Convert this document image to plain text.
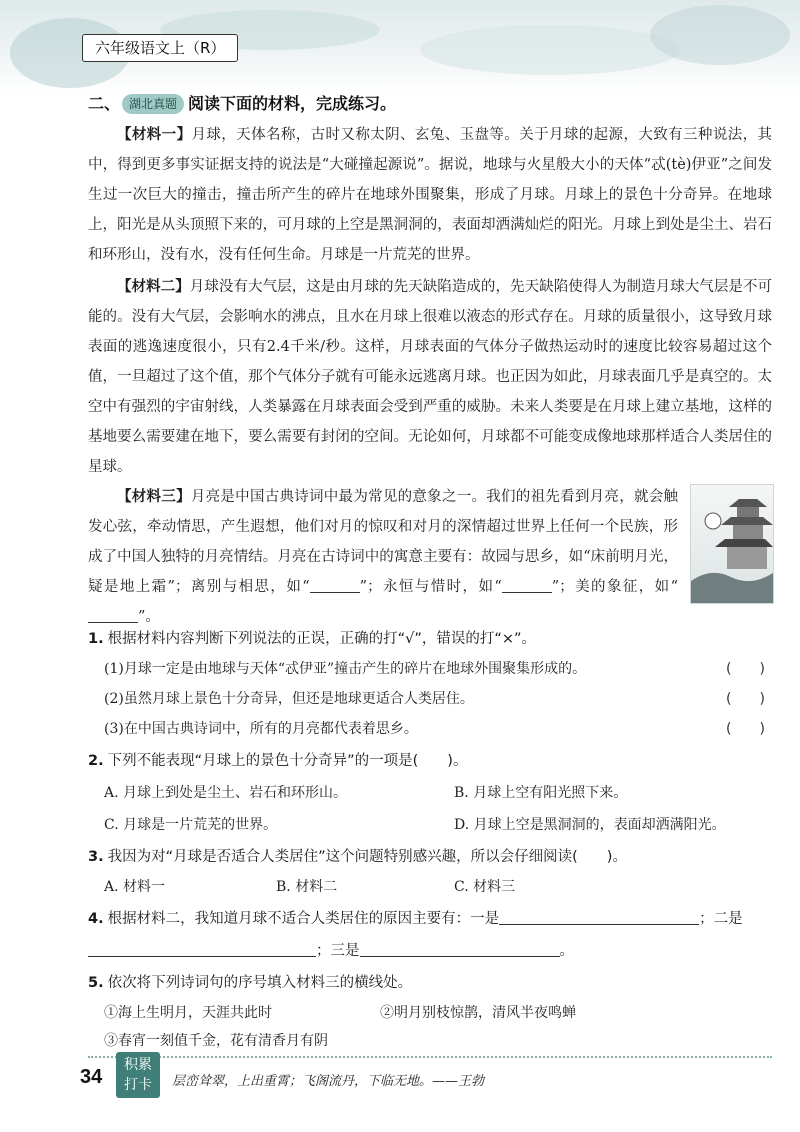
六年级语文上（R）
二、 湖北真题 阅读下面的材料，完成练习。
【材料一】月球，天体名称，古时又称太阴、玄兔、玉盘等。关于月球的起源，大致有三种说法，其中，得到更多事实证据支持的说法是“大碰撞起源说”。据说，地球与火星般大小的天体“忒(tè)伊亚”之间发生过一次巨大的撞击，撞击所产生的碎片在地球外围聚集，形成了月球。月球上的景色十分奇异。在地球上，阳光是从头顶照下来的，可月球的上空是黑洞洞的，表面却洒满灿烂的阳光。月球上到处是尘土、岩石和环形山，没有水，没有任何生命。月球是一片荒芜的世界。
【材料二】月球没有大气层，这是由月球的先天缺陷造成的，先天缺陷使得人为制造月球大气层是不可能的。没有大气层，会影响水的沸点，且水在月球上很难以液态的形式存在。月球的质量很小，这导致月球表面的逃逸速度很小，只有2.4千米/秒。这样，月球表面的气体分子做热运动时的速度比较容易超过这个值，一旦超过了这个值，那个气体分子就有可能永远逃离月球。也正因为如此，月球表面几乎是真空的。太空中有强烈的宇宙射线，人类暴露在月球表面会受到严重的威胁。未来人类要是在月球上建立基地，这样的基地要么需要建在地下，要么需要有封闭的空间。无论如何，月球都不可能变成像地球那样适合人类居住的星球。
【材料三】月亮是中国古典诗词中最为常见的意象之一。我们的祖先看到月亮，就会触发心弦，牵动情思，产生遐想，他们对月的惊叹和对月的深情超过世界上任何一个民族，形成了中国人独特的月亮情结。月亮在古诗词中的寓意主要有：故园与思乡，如“床前明月光，疑是地上霜”；离别与相思，如“	”；永恒与惜时，如“	”；美的象征，如“”。
1. 根据材料内容判断下列说法的正误，正确的打“√”，错误的打“×”。
(1)月球一定是由地球与天体“忒伊亚”撞击产生的碎片在地球外围聚集形成的。	(　　)
(2)虽然月球上景色十分奇异，但还是地球更适合人类居住。	(　　)
(3)在中国古典诗词中，所有的月亮都代表着思乡。	(　　)
2. 下列不能表现“月球上的景色十分奇异”的一项是(　　)。
A. 月球上到处是尘土、岩石和环形山。	B. 月球上空有阳光照下来。
C. 月球是一片荒芜的世界。	D. 月球上空是黑洞洞的，表面却洒满阳光。
3. 我因为对“月球是否适合人类居住”这个问题特别感兴趣，所以会仔细阅读(　　)。
A. 材料一	B. 材料二	C. 材料三
4. 根据材料二，我知道月球不适合人类居住的原因主要有：一是	；二是
；三是	。
5. 依次将下列诗词句的序号填入材料三的横线处。
①海上生明月，天涯共此时	②明月别枝惊鹊，清风半夜鸣蝉
③春宵一刻值千金，花有清香月有阴
34
积累
打卡	层峦耸翠，上出重霄；飞阁流丹，下临无地。——王勃
